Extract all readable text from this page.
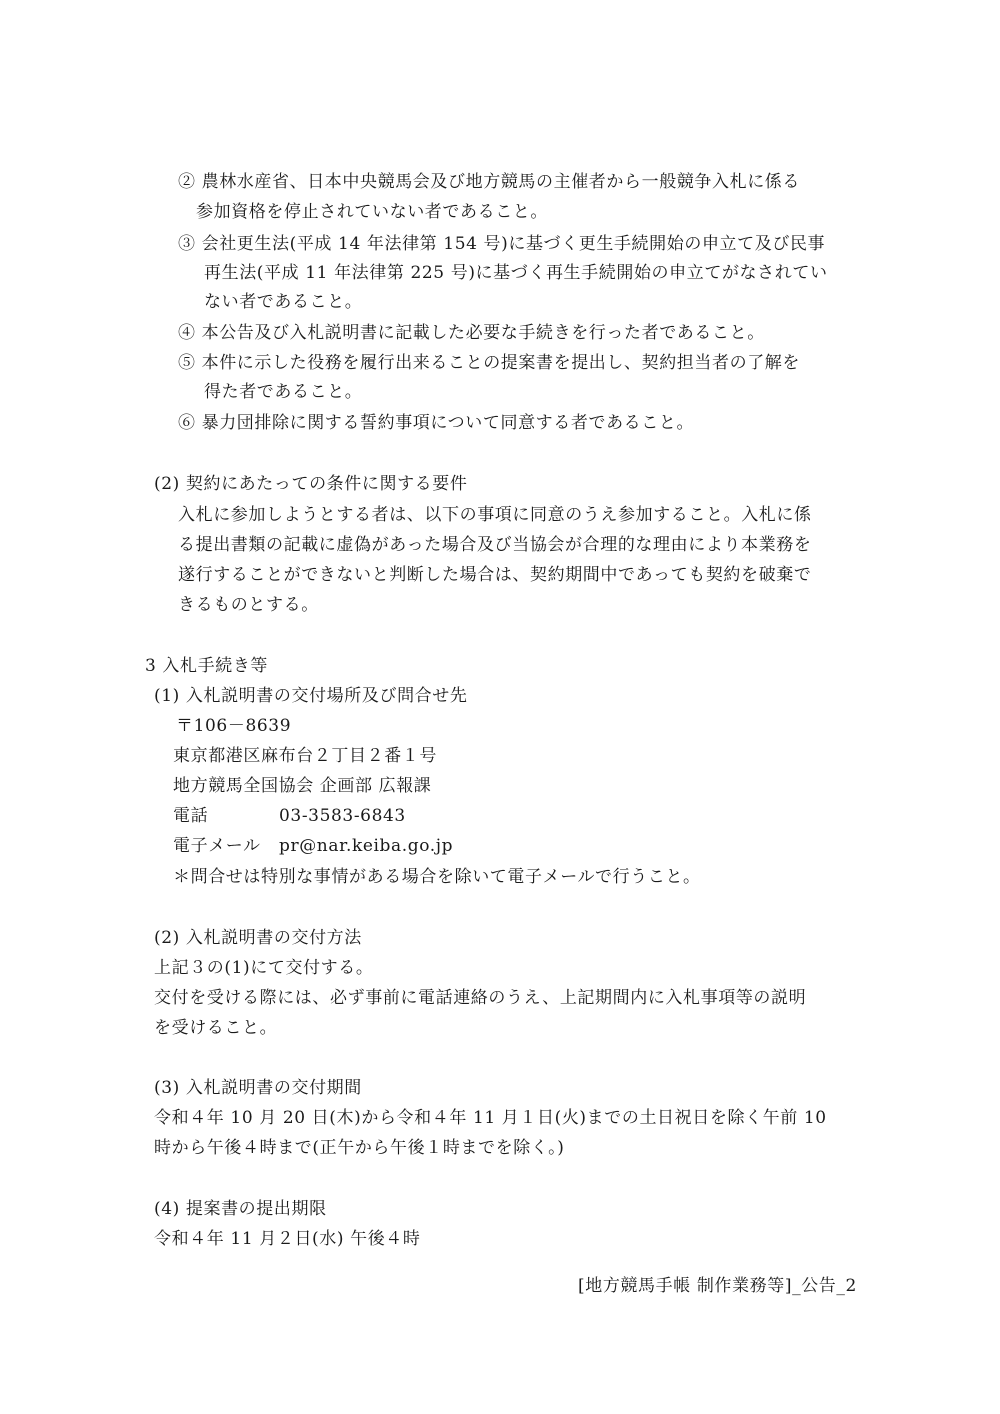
② 農林水産省、日本中央競馬会及び地方競馬の主催者から一般競争入札に係る
参加資格を停止されていない者であること。
③ 会社更生法(平成 14 年法律第 154 号)に基づく更生手続開始の申立て及び民事
再生法(平成 11 年法律第 225 号)に基づく再生手続開始の申立てがなされてい
ない者であること。
④ 本公告及び入札説明書に記載した必要な手続きを行った者であること。
⑤ 本件に示した役務を履行出来ることの提案書を提出し、契約担当者の了解を
得た者であること。
⑥ 暴力団排除に関する誓約事項について同意する者であること。
(2) 契約にあたっての条件に関する要件
入札に参加しようとする者は、以下の事項に同意のうえ参加すること。入札に係
る提出書類の記載に虚偽があった場合及び当協会が合理的な理由により本業務を
遂行することができないと判断した場合は、契約期間中であっても契約を破棄で
きるものとする。
3 入札手続き等
(1) 入札説明書の交付場所及び問合せ先
〒106－8639
東京都港区麻布台２丁目２番１号
地方競馬全国協会 企画部 広報課
電話	03-3583-6843
電子メール pr@nar.keiba.go.jp
＊問合せは特別な事情がある場合を除いて電子メールで行うこと。
(2) 入札説明書の交付方法
上記３の(1)にて交付する。
交付を受ける際には、必ず事前に電話連絡のうえ、上記期間内に入札事項等の説明
を受けること。
(3) 入札説明書の交付期間
令和４年 10 月 20 日(木)から令和４年 11 月１日(火)までの土日祝日を除く午前 10
時から午後４時まで(正午から午後１時までを除く。)
(4) 提案書の提出期限
令和４年 11 月２日(水) 午後４時
[地方競馬手帳 制作業務等]_公告_2
